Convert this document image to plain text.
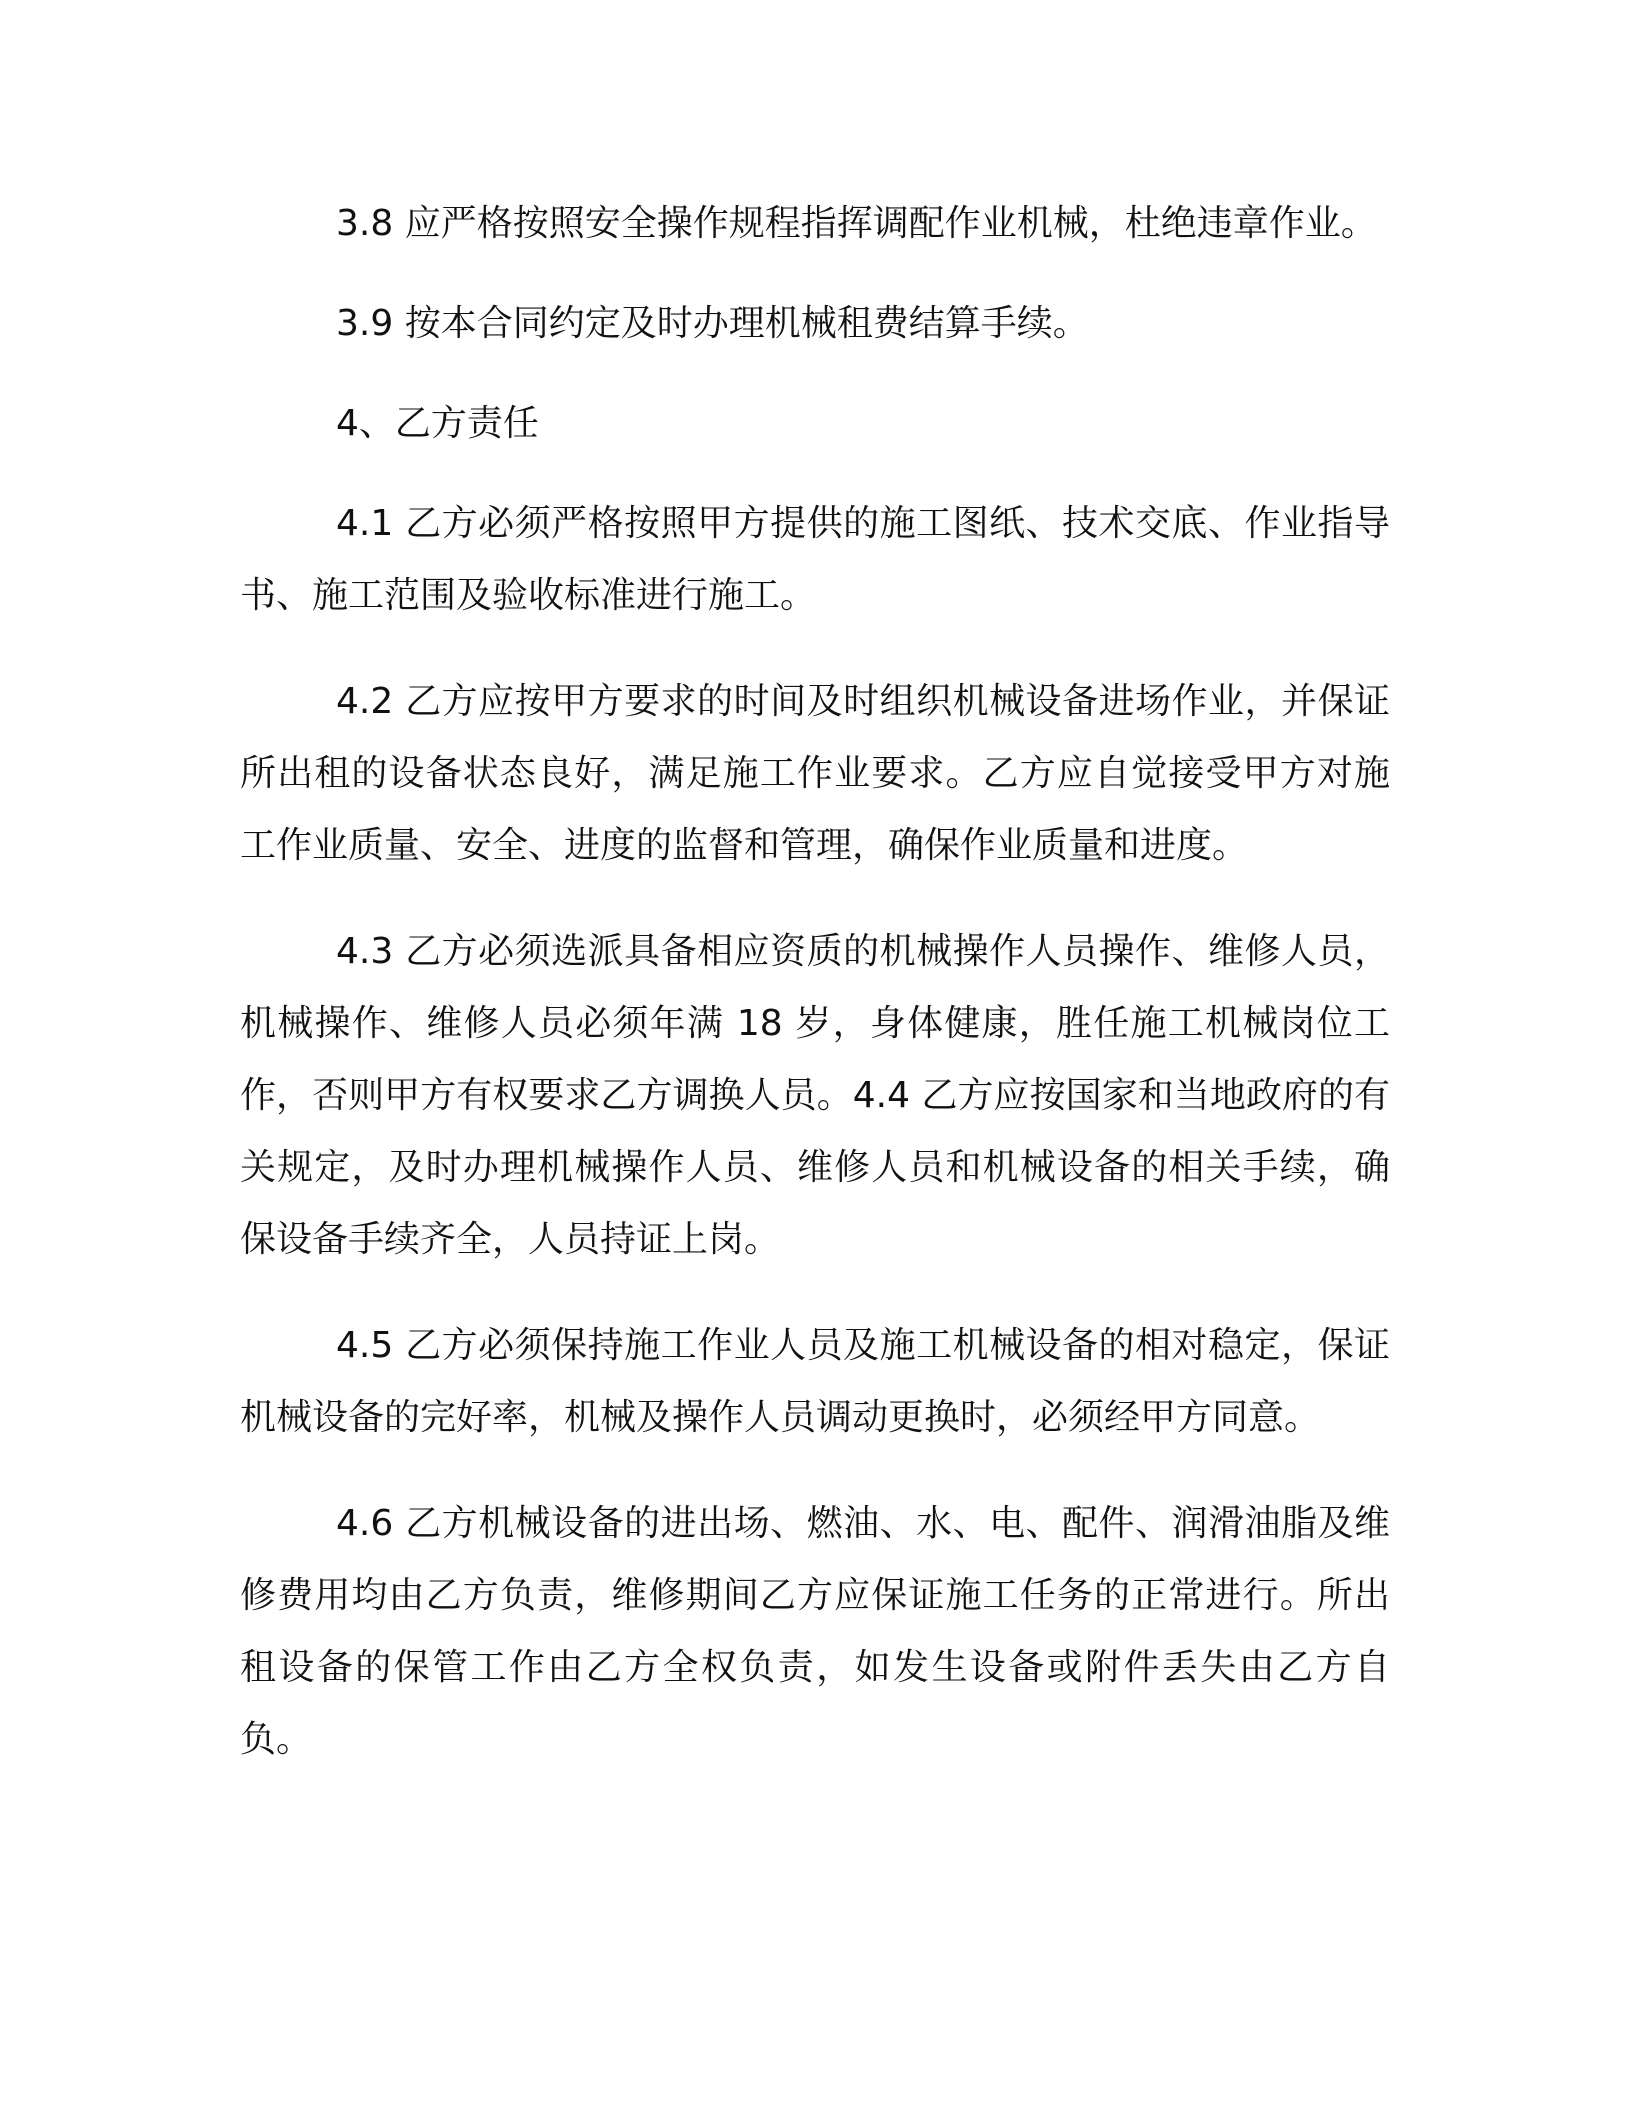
3.8 应严格按照安全操作规程指挥调配作业机械，杜绝违章作业。

3.9 按本合同约定及时办理机械租费结算手续。

4、乙方责任

4.1 乙方必须严格按照甲方提供的施工图纸、技术交底、作业指导书、施工范围及验收标准进行施工。

4.2 乙方应按甲方要求的时间及时组织机械设备进场作业，并保证所出租的设备状态良好，满足施工作业要求。乙方应自觉接受甲方对施工作业质量、安全、进度的监督和管理，确保作业质量和进度。

4.3 乙方必须选派具备相应资质的机械操作人员操作、维修人员，机械操作、维修人员必须年满 18 岁，身体健康，胜任施工机械岗位工作，否则甲方有权要求乙方调换人员。4.4 乙方应按国家和当地政府的有关规定，及时办理机械操作人员、维修人员和机械设备的相关手续，确保设备手续齐全，人员持证上岗。

4.5 乙方必须保持施工作业人员及施工机械设备的相对稳定，保证机械设备的完好率，机械及操作人员调动更换时，必须经甲方同意。

4.6 乙方机械设备的进出场、燃油、水、电、配件、润滑油脂及维修费用均由乙方负责，维修期间乙方应保证施工任务的正常进行。所出租设备的保管工作由乙方全权负责，如发生设备或附件丢失由乙方自负。
